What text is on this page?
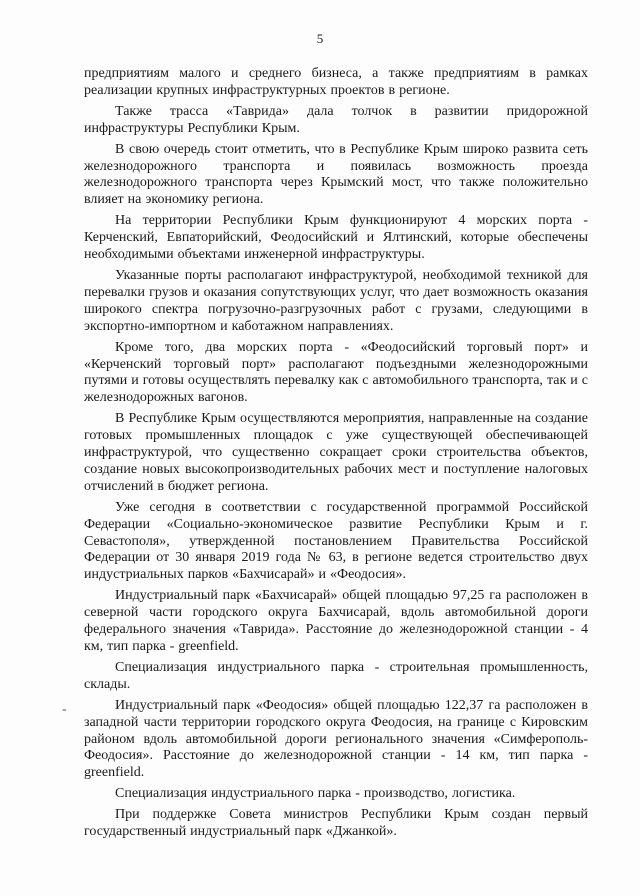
5
-

предприятиям малого и среднего бизнеса, а также предприятиям в рамках реализации крупных инфраструктурных проектов в регионе.

Также трасса «Таврида» дала толчок в развитии придорожной инфраструктуры Республики Крым.

В свою очередь стоит отметить, что в Республике Крым широко развита сеть железнодорожного транспорта и появилась возможность проезда железнодорожного транспорта через Крымский мост, что также положительно влияет на экономику региона.

На территории Республики Крым функционируют 4 морских порта - Керченский, Евпаторийский, Феодосийский и Ялтинский, которые обеспечены необходимыми объектами инженерной инфраструктуры.

Указанные порты располагают инфраструктурой, необходимой техникой для перевалки грузов и оказания сопутствующих услуг, что дает возможность оказания широкого спектра погрузочно-разгрузочных работ с грузами, следующими в экспортно-импортном и каботажном направлениях.

Кроме того, два морских порта - «Феодосийский торговый порт» и «Керченский торговый порт» располагают подъездными железнодорожными путями и готовы осуществлять перевалку как с автомобильного транспорта, так и с железнодорожных вагонов.

В Республике Крым осуществляются мероприятия, направленные на создание готовых промышленных площадок с уже существующей обеспечивающей инфраструктурой, что существенно сокращает сроки строительства объектов, создание новых высокопроизводительных рабочих мест и поступление налоговых отчислений в бюджет региона.

Уже сегодня в соответствии с государственной программой Российской Федерации «Социально-экономическое развитие Республики Крым и г. Севастополя», утвержденной постановлением Правительства Российской Федерации от 30 января 2019 года № 63, в регионе ведется строительство двух индустриальных парков «Бахчисарай» и «Феодосия».

Индустриальный парк «Бахчисарай» общей площадью 97,25 га расположен в северной части городского округа Бахчисарай, вдоль автомобильной дороги федерального значения «Таврида». Расстояние до железнодорожной станции - 4 км, тип парка - greenfield.

Специализация индустриального парка - строительная промышленность, склады.

Индустриальный парк «Феодосия» общей площадью 122,37 га расположен в западной части территории городского округа Феодосия, на границе с Кировским районом вдоль автомобильной дороги регионального значения «Симферополь-Феодосия». Расстояние до железнодорожной станции - 14 км, тип парка - greenfield.

Специализация индустриального парка - производство, логистика.

При поддержке Совета министров Республики Крым создан первый государственный индустриальный парк «Джанкой».
